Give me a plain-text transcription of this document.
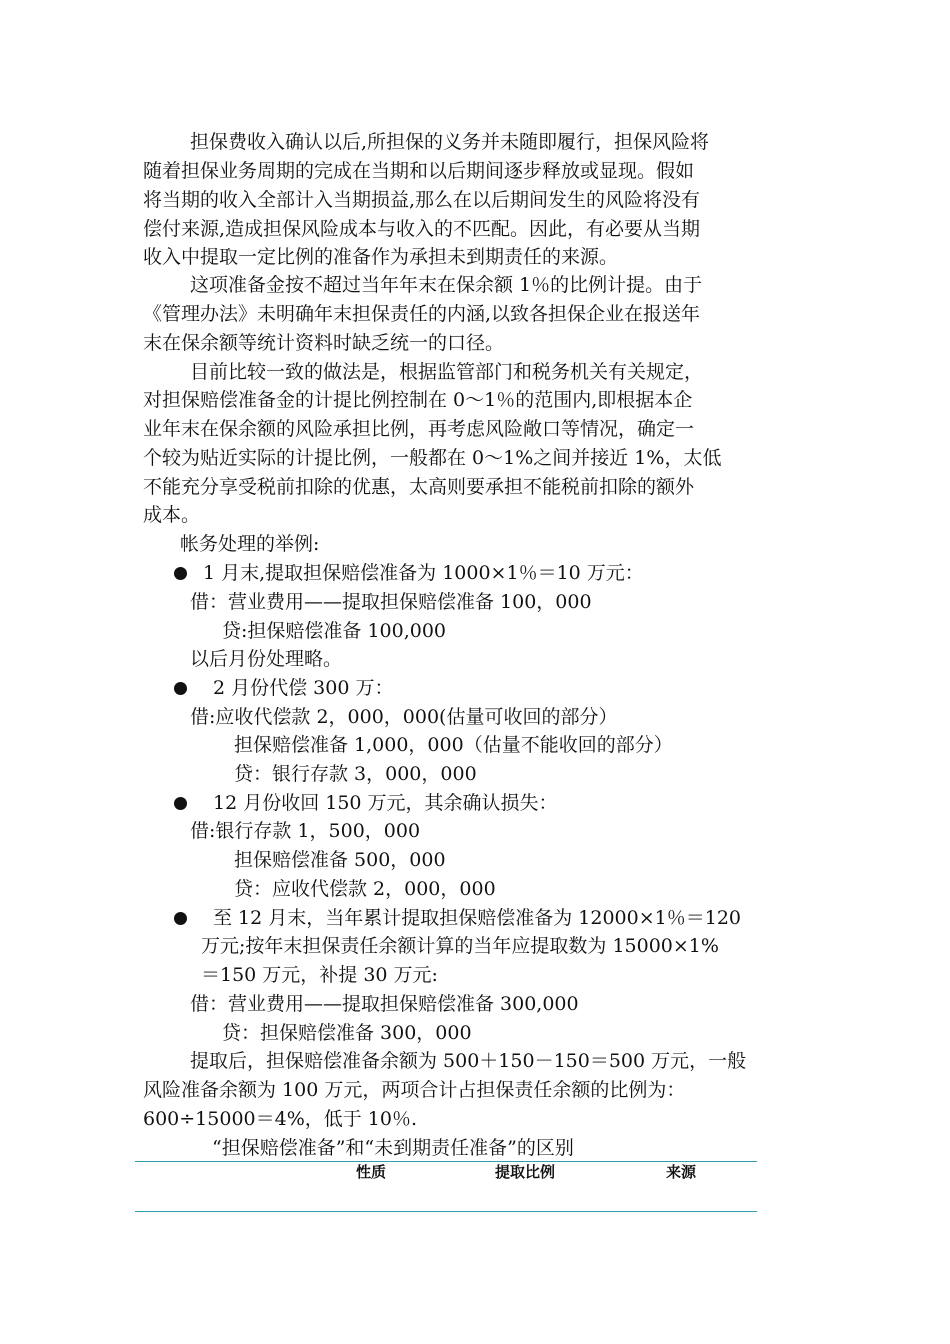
担保费收入确认以后,所担保的义务并未随即履行，担保风险将
随着担保业务周期的完成在当期和以后期间逐步释放或显现。假如
将当期的收入全部计入当期损益,那么在以后期间发生的风险将没有
偿付来源,造成担保风险成本与收入的不匹配。因此，有必要从当期
收入中提取一定比例的准备作为承担未到期责任的来源。
这项准备金按不超过当年年末在保余额 1％的比例计提。由于
《管理办法》未明确年末担保责任的内涵,以致各担保企业在报送年
末在保余额等统计资料时缺乏统一的口径。
目前比较一致的做法是，根据监管部门和税务机关有关规定，
对担保赔偿准备金的计提比例控制在 0～1％的范围内,即根据本企
业年末在保余额的风险承担比例，再考虑风险敞口等情况，确定一
个较为贴近实际的计提比例，一般都在 0～1%之间并接近 1%，太低
不能充分享受税前扣除的优惠，太高则要承担不能税前扣除的额外
成本。
帐务处理的举例:
1 月末,提取担保赔偿准备为 1000×1％＝10 万元：
借：营业费用——提取担保赔偿准备 100，000
贷:担保赔偿准备 100,000
以后月份处理略。
2 月份代偿 300 万：
借:应收代偿款 2，000，000(估量可收回的部分）
担保赔偿准备 1,000，000（估量不能收回的部分）
贷：银行存款 3，000，000
12 月份收回 150 万元，其余确认损失：
借:银行存款 1，500，000
担保赔偿准备 500，000
贷：应收代偿款 2，000，000
至 12 月末，当年累计提取担保赔偿准备为 12000×1％＝120
万元;按年末担保责任余额计算的当年应提取数为 15000×1%
＝150 万元，补提 30 万元:
借：营业费用——提取担保赔偿准备 300,000
贷：担保赔偿准备 300，000
提取后，担保赔偿准备余额为 500＋150－150＝500 万元，一般
风险准备余额为 100 万元，两项合计占担保责任余额的比例为：
600÷15000＝4%，低于 10％.
“担保赔偿准备”和“未到期责任准备”的区别
性质	提取比例	来源
